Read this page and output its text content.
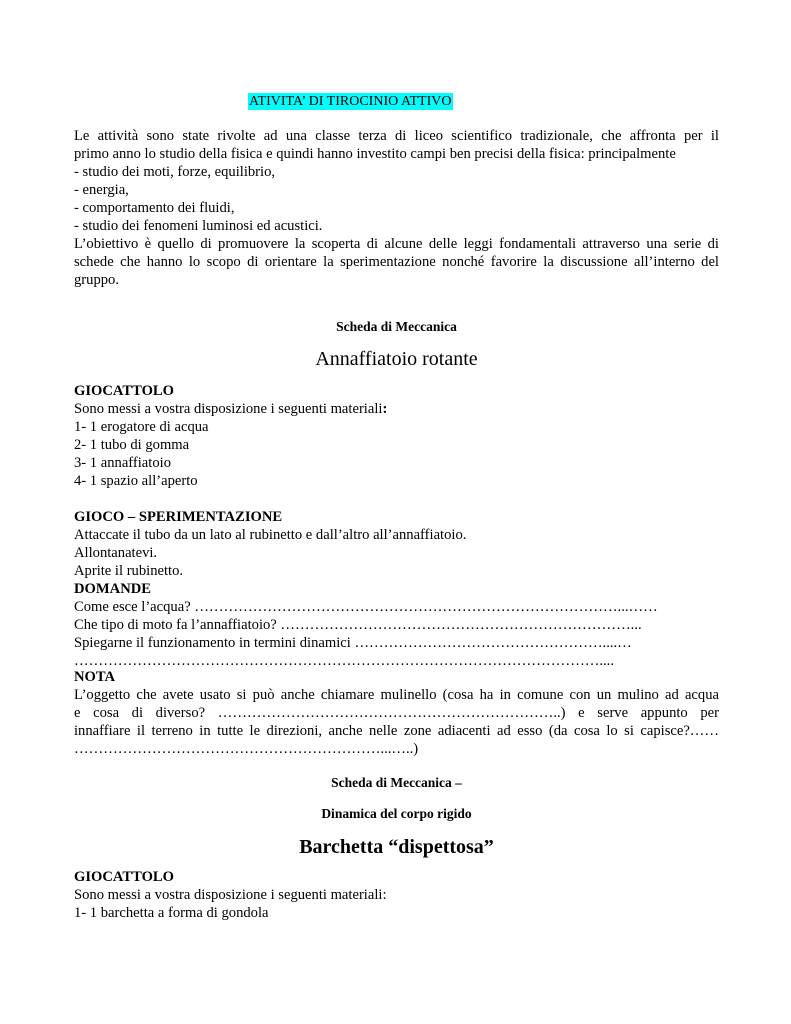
ATIVITA’ DI TIROCINIO ATTIVO

Le attività sono state rivolte ad una classe terza di liceo scientifico tradizionale, che affronta per il
primo anno lo studio della fisica e quindi hanno investito campi ben precisi della fisica: principalmente
- studio dei moti, forze, equilibrio,
- energia,
- comportamento dei fluidi,
- studio dei fenomeni luminosi ed acustici.
L’obiettivo è quello di promuovere la scoperta di alcune delle leggi fondamentali attraverso una serie di
schede che hanno lo scopo di orientare la sperimentazione nonché favorire la discussione all’interno del
gruppo.

Scheda di Meccanica
Annaffiatoio rotante
GIOCATTOLO

Sono messi a vostra disposizione i seguenti materiali:

1- 1 erogatore di acqua
2- 1 tubo di gomma
3- 1 annaffiatoio
4- 1 spazio all’aperto
GIOCO – SPERIMENTAZIONE

Attaccate il tubo da un lato al rubinetto e dall’altro all’annaffiatoio.

Allontanatevi.

Aprite il rubinetto.

DOMANDE

Come esce l’acqua? ……………………………………………………………………………...……

Che tipo di moto fa l’annaffiatoio? ………………………………………………………………...

Spiegarne il funzionamento in termini dinamici ……………………………………………....…

………………………………………………………………………………………………....

NOTA
L’oggetto che avete usato si può anche chiamare mulinello (cosa ha in comune con un mulino ad acqua
e cosa di diverso? ……………………………………………………………..) e serve appunto per
innaffiare il terreno in tutte le direzioni, anche nelle zone adiacenti ad esso (da cosa lo si capisce?……
………………………………………………………...…..)
Scheda di Meccanica –
Dinamica del corpo rigido
Barchetta “dispettosa”
GIOCATTOLO

Sono messi a vostra disposizione i seguenti materiali:

1- 1 barchetta a forma di gondola
